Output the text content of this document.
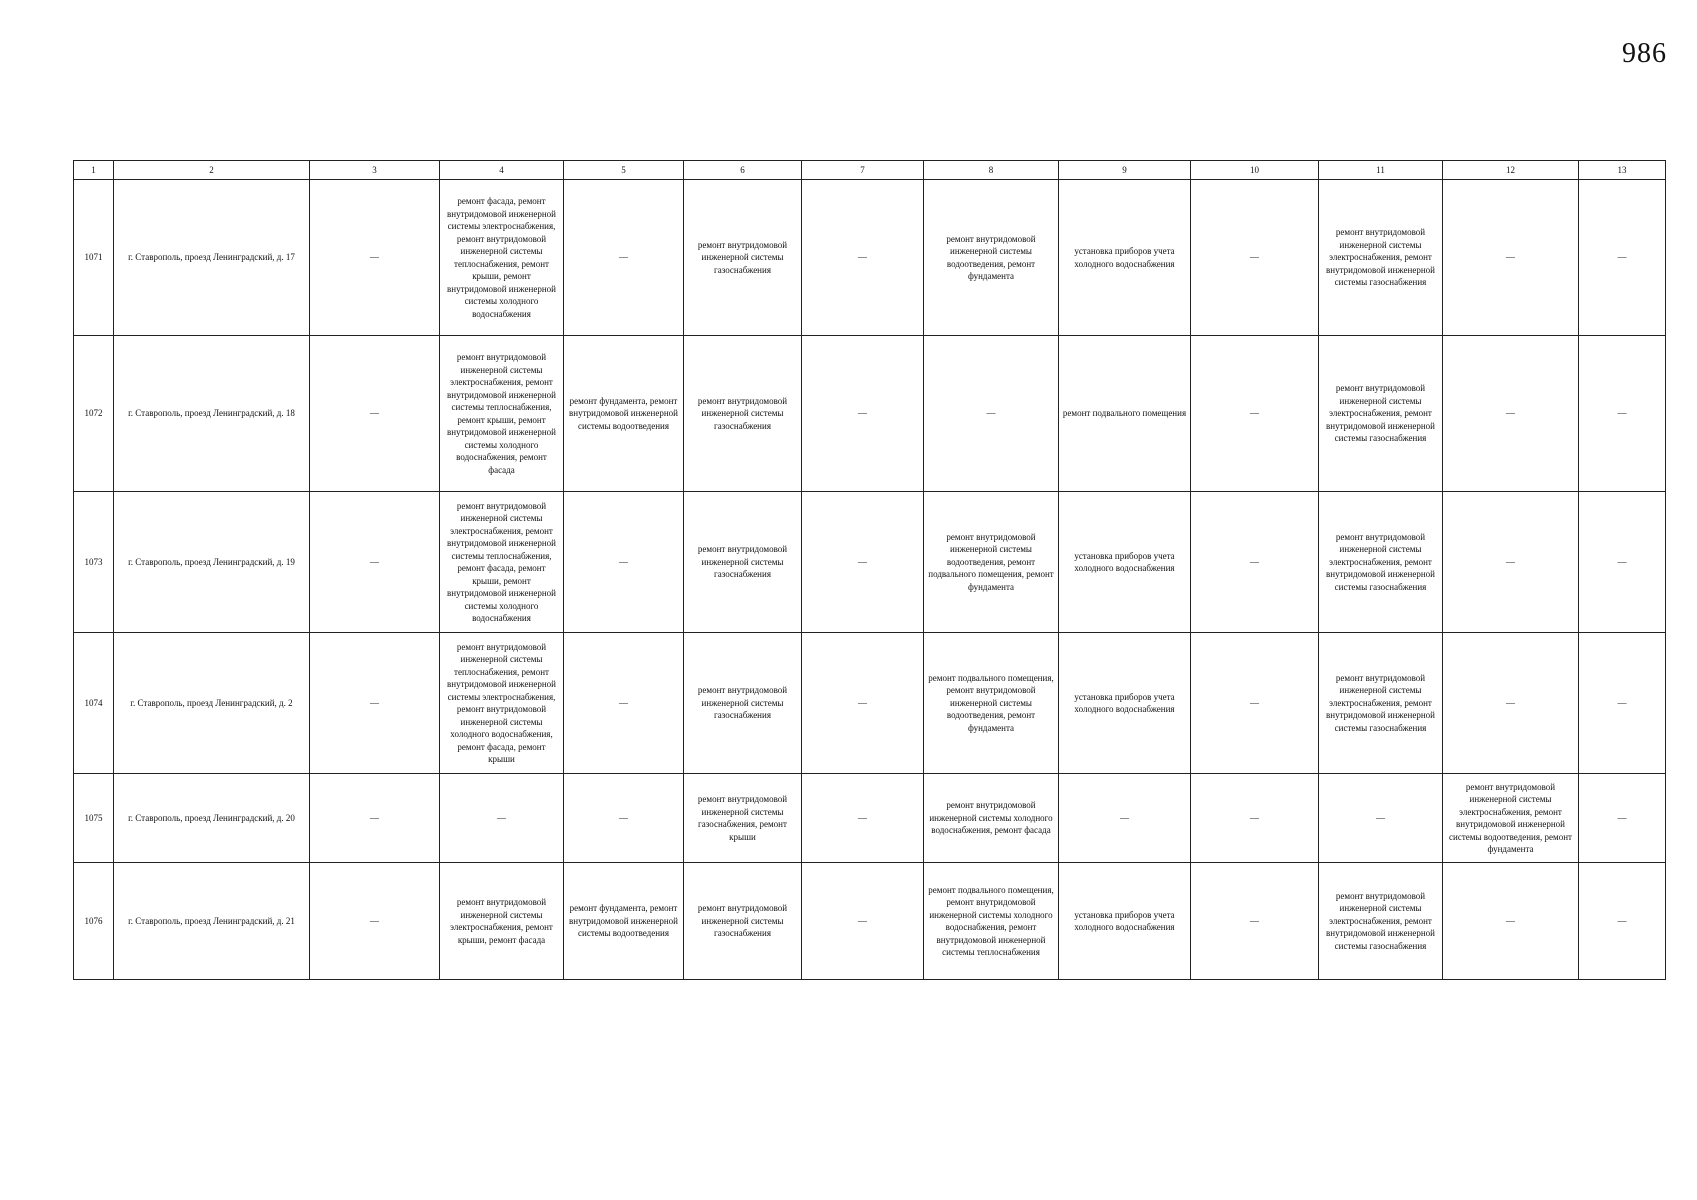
986
1	2	3	4	5	6	7	8	9	10	11	12	13
1071	г. Ставрополь, проезд Ленинградский, д. 17	—	ремонт фасада, ремонт внутридомовой инженерной системы электроснабжения, ремонт внутридомовой инженерной системы теплоснабжения, ремонт крыши, ремонт внутридомовой инженерной системы холодного водоснабжения	—	ремонт внутридомовой инженерной системы газоснабжения	—	ремонт внутридомовой инженерной системы водоотведения, ремонт фундамента	установка приборов учета холодного водоснабжения	—	ремонт внутридомовой инженерной системы электроснабжения, ремонт внутридомовой инженерной системы газоснабжения	—	—
1072	г. Ставрополь, проезд Ленинградский, д. 18	—	ремонт внутридомовой инженерной системы электроснабжения, ремонт внутридомовой инженерной системы теплоснабжения, ремонт крыши, ремонт внутридомовой инженерной системы холодного водоснабжения, ремонт фасада	ремонт фундамента, ремонт внутридомовой инженерной системы водоотведения	ремонт внутридомовой инженерной системы газоснабжения	—	—	ремонт подвального помещения	—	ремонт внутридомовой инженерной системы электроснабжения, ремонт внутридомовой инженерной системы газоснабжения	—	—
1073	г. Ставрополь, проезд Ленинградский, д. 19	—	ремонт внутридомовой инженерной системы электроснабжения, ремонт внутридомовой инженерной системы теплоснабжения, ремонт фасада, ремонт крыши, ремонт внутридомовой инженерной системы холодного водоснабжения	—	ремонт внутридомовой инженерной системы газоснабжения	—	ремонт внутридомовой инженерной системы водоотведения, ремонт подвального помещения, ремонт фундамента	установка приборов учета холодного водоснабжения	—	ремонт внутридомовой инженерной системы электроснабжения, ремонт внутридомовой инженерной системы газоснабжения	—	—
1074	г. Ставрополь, проезд Ленинградский, д. 2	—	ремонт внутридомовой инженерной системы теплоснабжения, ремонт внутридомовой инженерной системы электроснабжения, ремонт внутридомовой инженерной системы холодного водоснабжения, ремонт фасада, ремонт крыши	—	ремонт внутридомовой инженерной системы газоснабжения	—	ремонт подвального помещения, ремонт внутридомовой инженерной системы водоотведения, ремонт фундамента	установка приборов учета холодного водоснабжения	—	ремонт внутридомовой инженерной системы электроснабжения, ремонт внутридомовой инженерной системы газоснабжения	—	—
1075	г. Ставрополь, проезд Ленинградский, д. 20	—	—	—	ремонт внутридомовой инженерной системы газоснабжения, ремонт крыши	—	ремонт внутридомовой инженерной системы холодного водоснабжения, ремонт фасада	—	—	—	ремонт внутридомовой инженерной системы электроснабжения, ремонт внутридомовой инженерной системы водоотведения, ремонт фундамента	—
1076	г. Ставрополь, проезд Ленинградский, д. 21	—	ремонт внутридомовой инженерной системы электроснабжения, ремонт крыши, ремонт фасада	ремонт фундамента, ремонт внутридомовой инженерной системы водоотведения	ремонт внутридомовой инженерной системы газоснабжения	—	ремонт подвального помещения, ремонт внутридомовой инженерной системы холодного водоснабжения, ремонт внутридомовой инженерной системы теплоснабжения	установка приборов учета холодного водоснабжения	—	ремонт внутридомовой инженерной системы электроснабжения, ремонт внутридомовой инженерной системы газоснабжения	—	—
